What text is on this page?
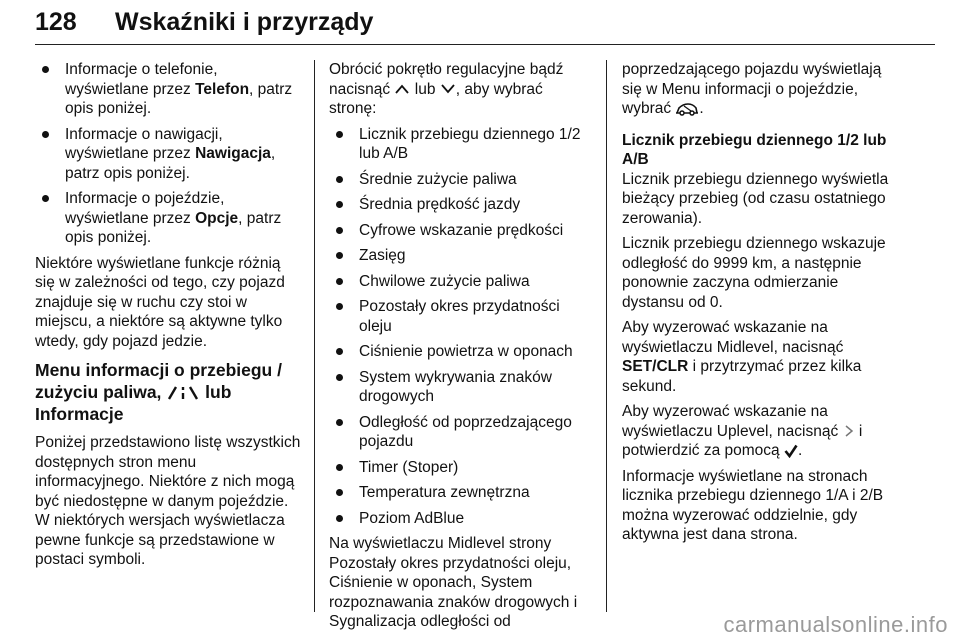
128 Wskaźniki i przyrządy
Informacje o telefonie, wyświetlane przez Telefon, patrz opis poniżej.
Informacje o nawigacji, wyświetlane przez Nawigacja, patrz opis poniżej.
Informacje o pojeździe, wyświetlane przez Opcje, patrz opis poniżej.

Niektóre wyświetlane funkcje różnią się w zależności od tego, czy pojazd znajduje się w ruchu czy stoi w miejscu, a niektóre są aktywne tylko wtedy, gdy pojazd jedzie.

Menu informacji o przebiegu / zużyciu paliwa,  lub Informacje

Poniżej przedstawiono listę wszystkich dostępnych stron menu informacyjnego. Niektóre z nich mogą być niedostępne w danym pojeździe. W niektórych wersjach wyświetlacza pewne funkcje są przedstawione w postaci symboli.

Obrócić pokrętło regulacyjne bądź nacisnąć  lub , aby wybrać stronę:

Licznik przebiegu dziennego 1/2 lub A/B
Średnie zużycie paliwa
Średnia prędkość jazdy
Cyfrowe wskazanie prędkości
Zasięg
Chwilowe zużycie paliwa
Pozostały okres przydatności oleju
Ciśnienie powietrza w oponach
System wykrywania znaków drogowych
Odległość od poprzedzającego pojazdu
Timer (Stoper)
Temperatura zewnętrzna
Poziom AdBlue

Na wyświetlaczu Midlevel strony Pozostały okres przydatności oleju, Ciśnienie w oponach, System rozpoznawania znaków drogowych i Sygnalizacja odległości od

poprzedzającego pojazdu wyświetlają się w Menu informacji o pojeździe, wybrać .

Licznik przebiegu dziennego 1/2 lub A/B

Licznik przebiegu dziennego wyświetla bieżący przebieg (od czasu ostatniego zerowania).

Licznik przebiegu dziennego wskazuje odległość do 9999 km, a następnie ponownie zaczyna odmierzanie dystansu od 0.

Aby wyzerować wskazanie na wyświetlaczu Midlevel, nacisnąć SET/CLR i przytrzymać przez kilka sekund.

Aby wyzerować wskazanie na wyświetlaczu Uplevel, nacisnąć  i potwierdzić za pomocą .

Informacje wyświetlane na stronach licznika przebiegu dziennego 1/A i 2/B można wyzerować oddzielnie, gdy aktywna jest dana strona.

carmanualsonline.info
